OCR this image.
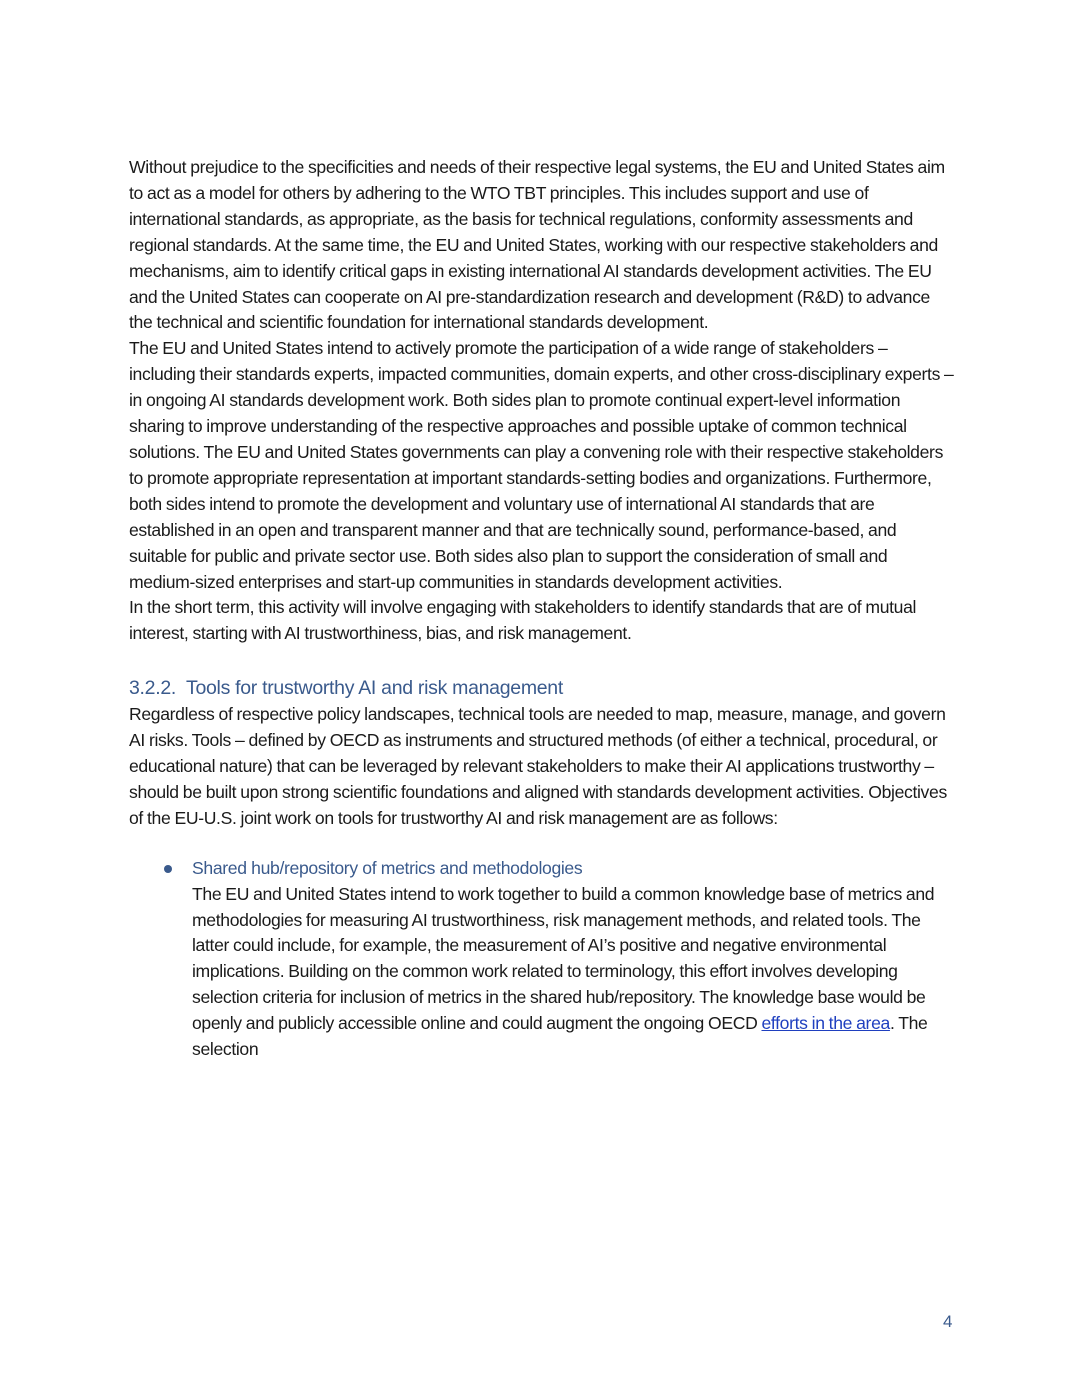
Without prejudice to the specificities and needs of their respective legal systems, the EU and United States aim to act as a model for others by adhering to the WTO TBT principles. This includes support and use of international standards, as appropriate, as the basis for technical regulations, conformity assessments and regional standards. At the same time, the EU and United States, working with our respective stakeholders and mechanisms, aim to identify critical gaps in existing international AI standards development activities. The EU and the United States can cooperate on AI pre-standardization research and development (R&D) to advance the technical and scientific foundation for international standards development.

The EU and United States intend to actively promote the participation of a wide range of stakeholders – including their standards experts, impacted communities, domain experts, and other cross-disciplinary experts – in ongoing AI standards development work. Both sides plan to promote continual expert-level information sharing to improve understanding of the respective approaches and possible uptake of common technical solutions. The EU and United States governments can play a convening role with their respective stakeholders to promote appropriate representation at important standards-setting bodies and organizations. Furthermore, both sides intend to promote the development and voluntary use of international AI standards that are established in an open and transparent manner and that are technically sound, performance-based, and suitable for public and private sector use. Both sides also plan to support the consideration of small and medium-sized enterprises and start-up communities in standards development activities.

In the short term, this activity will involve engaging with stakeholders to identify standards that are of mutual interest, starting with AI trustworthiness, bias, and risk management.

3.2.2. Tools for trustworthy AI and risk management

Regardless of respective policy landscapes, technical tools are needed to map, measure, manage, and govern AI risks. Tools – defined by OECD as instruments and structured methods (of either a technical, procedural, or educational nature) that can be leveraged by relevant stakeholders to make their AI applications trustworthy – should be built upon strong scientific foundations and aligned with standards development activities. Objectives of the EU-U.S. joint work on tools for trustworthy AI and risk management are as follows:

Shared hub/repository of metrics and methodologies

The EU and United States intend to work together to build a common knowledge base of metrics and methodologies for measuring AI trustworthiness, risk management methods, and related tools. The latter could include, for example, the measurement of AI’s positive and negative environmental implications. Building on the common work related to terminology, this effort involves developing selection criteria for inclusion of metrics in the shared hub/repository. The knowledge base would be openly and publicly accessible online and could augment the ongoing OECD efforts in the area. The selection

4
